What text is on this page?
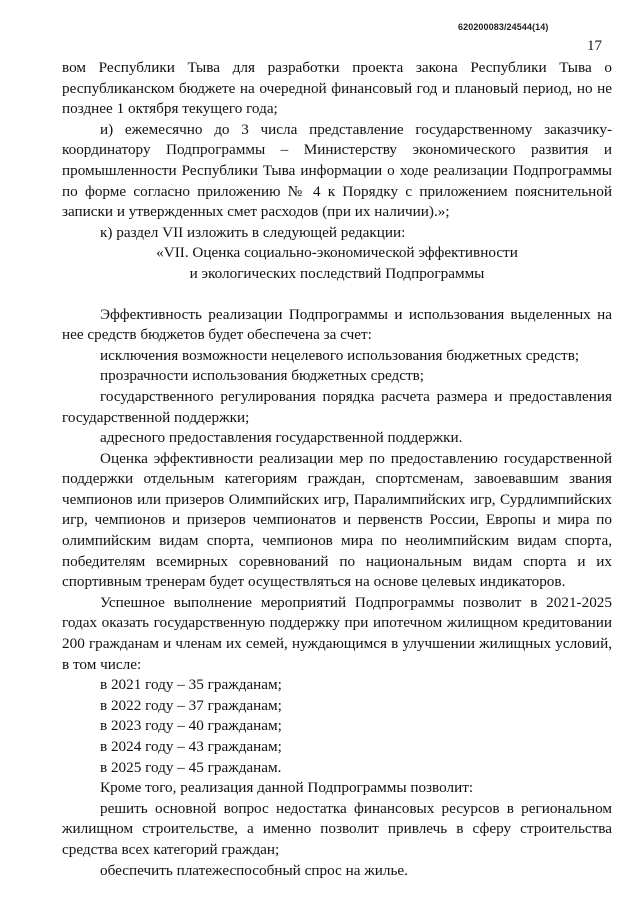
620200083/24544(14)
17

вом Республики Тыва для разработки проекта закона Республики Тыва о республиканском бюджете на очередной финансовый год и плановый период, но не позднее 1 октября текущего года;

и) ежемесячно до 3 числа представление государственному заказчику-координатору Подпрограммы – Министерству экономического развития и промышленности Республики Тыва информации о ходе реализации Подпрограммы по форме согласно приложению № 4 к Порядку с приложением пояснительной записки и утвержденных смет расходов (при их наличии).»;

к) раздел VII изложить в следующей редакции:

«VII. Оценка социально-экономической эффективности

и экологических последствий Подпрограммы

Эффективность реализации Подпрограммы и использования выделенных на нее средств бюджетов будет обеспечена за счет:

исключения возможности нецелевого использования бюджетных средств;

прозрачности использования бюджетных средств;

государственного регулирования порядка расчета размера и предоставления государственной поддержки;

адресного предоставления государственной поддержки.

Оценка эффективности реализации мер по предоставлению государственной поддержки отдельным категориям граждан, спортсменам, завоевавшим звания чемпионов или призеров Олимпийских игр, Паралимпийских игр, Сурдлимпийских игр, чемпионов и призеров чемпионатов и первенств России, Европы и мира по олимпийским видам спорта, чемпионов мира по неолимпийским видам спорта, победителям всемирных соревнований по национальным видам спорта и их спортивным тренерам будет осуществляться на основе целевых индикаторов.

Успешное выполнение мероприятий Подпрограммы позволит в 2021-2025 годах оказать государственную поддержку при ипотечном жилищном кредитовании 200 гражданам и членам их семей, нуждающимся в улучшении жилищных условий, в том числе:

в 2021 году – 35 гражданам;

в 2022 году – 37 гражданам;

в 2023 году – 40 гражданам;

в 2024 году – 43 гражданам;

в 2025 году – 45 гражданам.

Кроме того, реализация данной Подпрограммы позволит:

решить основной вопрос недостатка финансовых ресурсов в региональном жилищном строительстве, а именно позволит привлечь в сферу строительства средства всех категорий граждан;

обеспечить платежеспособный спрос на жилье.
